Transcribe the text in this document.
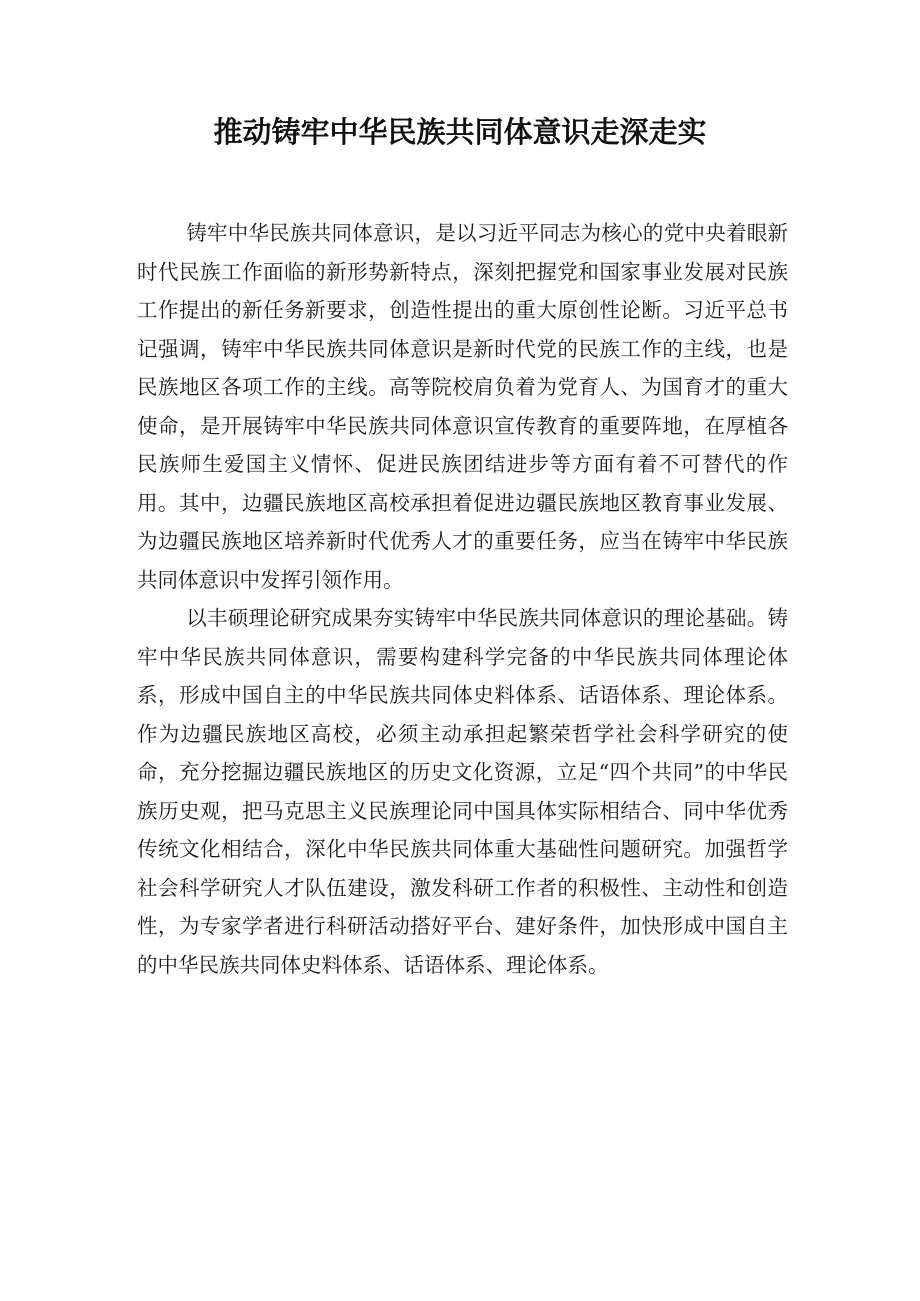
推动铸牢中华民族共同体意识走深走实

铸牢中华民族共同体意识，是以习近平同志为核心的党中央着眼新时代民族工作面临的新形势新特点，深刻把握党和国家事业发展对民族工作提出的新任务新要求，创造性提出的重大原创性论断。习近平总书记强调，铸牢中华民族共同体意识是新时代党的民族工作的主线，也是民族地区各项工作的主线。高等院校肩负着为党育人、为国育才的重大使命，是开展铸牢中华民族共同体意识宣传教育的重要阵地，在厚植各民族师生爱国主义情怀、促进民族团结进步等方面有着不可替代的作用。其中，边疆民族地区高校承担着促进边疆民族地区教育事业发展、为边疆民族地区培养新时代优秀人才的重要任务，应当在铸牢中华民族共同体意识中发挥引领作用。

以丰硕理论研究成果夯实铸牢中华民族共同体意识的理论基础。铸牢中华民族共同体意识，需要构建科学完备的中华民族共同体理论体系，形成中国自主的中华民族共同体史料体系、话语体系、理论体系。作为边疆民族地区高校，必须主动承担起繁荣哲学社会科学研究的使命，充分挖掘边疆民族地区的历史文化资源，立足“四个共同”的中华民族历史观，把马克思主义民族理论同中国具体实际相结合、同中华优秀传统文化相结合，深化中华民族共同体重大基础性问题研究。加强哲学社会科学研究人才队伍建设，激发科研工作者的积极性、主动性和创造性，为专家学者进行科研活动搭好平台、建好条件，加快形成中国自主的中华民族共同体史料体系、话语体系、理论体系。
